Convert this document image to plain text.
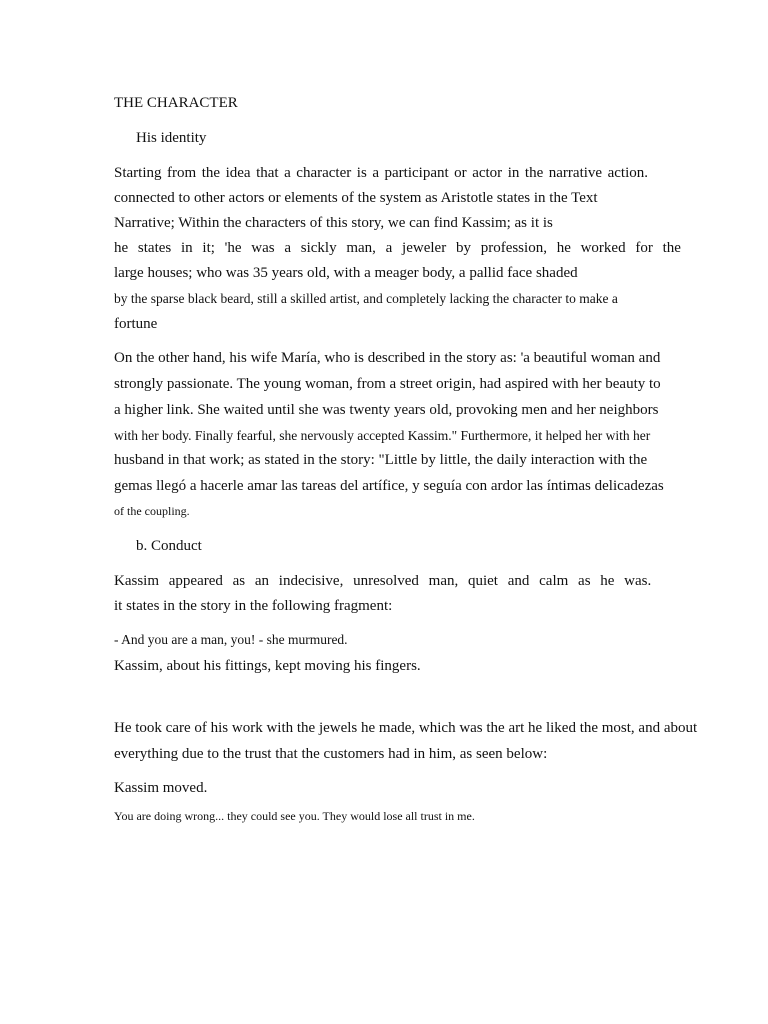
THE CHARACTER
His identity
Starting from the idea that a character is a participant or actor in the narrative action.
connected to other actors or elements of the system as Aristotle states in the Text
Narrative; Within the characters of this story, we can find Kassim; as it is
he states in it; 'he was a sickly man, a jeweler by profession, he worked for the
large houses; who was 35 years old, with a meager body, a pallid face shaded
by the sparse black beard, still a skilled artist, and completely lacking the character to make a
fortune
On the other hand, his wife María, who is described in the story as: 'a beautiful woman and
strongly passionate. The young woman, from a street origin, had aspired with her beauty to
a higher link. She waited until she was twenty years old, provoking men and her neighbors
with her body. Finally fearful, she nervously accepted Kassim." Furthermore, it helped her with her
husband in that work; as stated in the story: "Little by little, the daily interaction with the
gemas llegó a hacerle amar las tareas del artífice, y seguía con ardor las íntimas delicadezas
of the coupling.
b. Conduct
Kassim appeared as an indecisive, unresolved man, quiet and calm as he was.
it states in the story in the following fragment:
- And you are a man, you! - she murmured.
Kassim, about his fittings, kept moving his fingers.
He took care of his work with the jewels he made, which was the art he liked the most, and about
everything due to the trust that the customers had in him, as seen below:
Kassim moved.
You are doing wrong... they could see you. They would lose all trust in me.
